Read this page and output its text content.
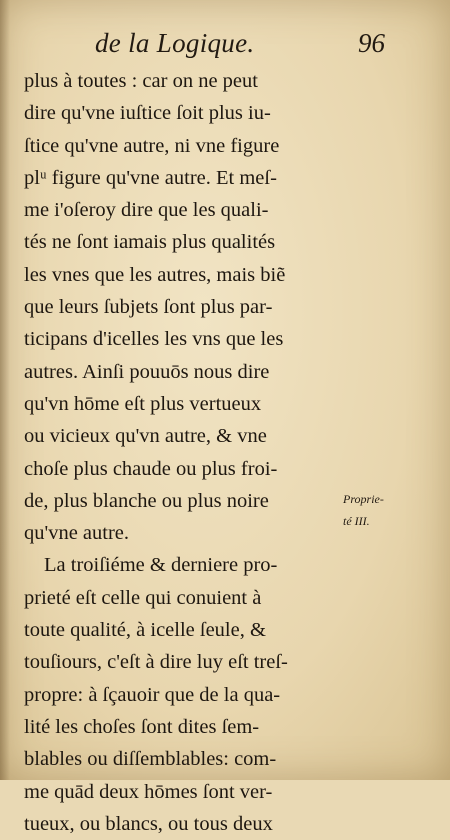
de la Logique.	96
plus à toutes : car on ne peut
dire qu'vne iuſtice ſoit plus iu-
ſtice qu'vne autre, ni vne figure
plᵘ figure qu'vne autre. Et meſ-
me i'oſeroy dire que les quali-
tés ne ſont iamais plus qualités
les vnes que les autres, mais biẽ
que leurs ſubjets ſont plus par-
ticipans d'icelles les vns que les
autres. Ainſi pouuōs nous dire
qu'vn hōme eſt plus vertueux
ou vicieux qu'vn autre, & vne
choſe plus chaude ou plus froi-
de, plus blanche ou plus noire
qu'vne autre.
La troiſiéme & derniere pro-
prieté eſt celle qui conuient à
toute qualité, à icelle ſeule, &
touſiours, c'eſt à dire luy eſt treſ-
propre: à ſçauoir que de la qua-
lité les choſes ſont dites ſem-
blables ou diſſemblables: com-
me quād deux hōmes ſont ver-
tueux, ou blancs, ou tous deux
Proprie-
té III.
